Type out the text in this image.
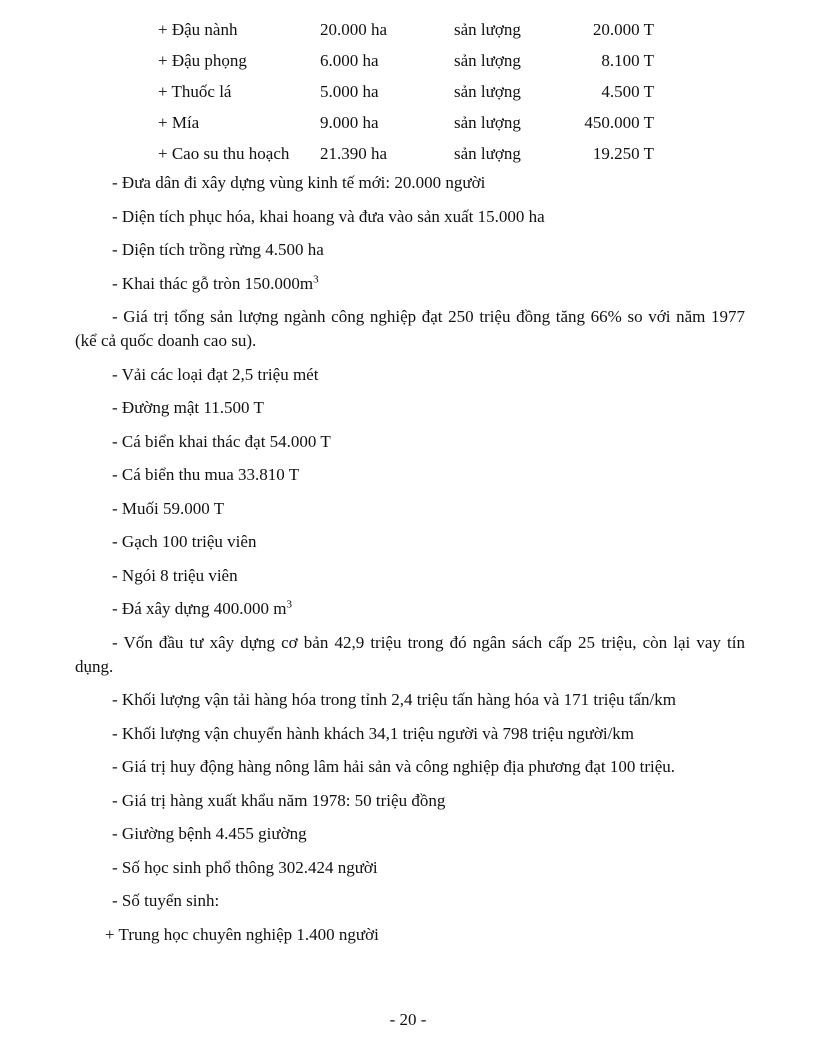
+ Đậu nành	20.000 ha	sản lượng	20.000 T
+ Đậu phọng	6.000 ha	sản lượng	8.100 T
+ Thuốc lá	5.000 ha	sản lượng	4.500 T
+ Mía	9.000 ha	sản lượng	450.000 T
+ Cao su thu hoạch 21.390 ha	sản lượng	19.250 T
- Đưa dân đi xây dựng vùng kinh tế mới: 20.000 người
- Diện tích phục hóa, khai hoang và đưa vào sản xuất 15.000 ha
- Diện tích trồng rừng 4.500 ha
- Khai thác gỗ tròn $150.000m^3$
- Giá trị tổng sản lượng ngành công nghiệp đạt 250 triệu đồng tăng 66% so với năm 1977 (kể cả quốc doanh cao su).
- Vải các loại đạt 2,5 triệu mét
- Đường mật 11.500 T
- Cá biển khai thác đạt 54.000 T
- Cá biển thu mua 33.810 T
- Muối 59.000 T
- Gạch 100 triệu viên
- Ngói 8 triệu viên
- Đá xây dựng 400.000 $m^3$
- Vốn đầu tư xây dựng cơ bản 42,9 triệu trong đó ngân sách cấp 25 triệu, còn lại vay tín dụng.
- Khối lượng vận tải hàng hóa trong tỉnh 2,4 triệu tấn hàng hóa và 171 triệu tấn/km
- Khối lượng vận chuyển hành khách 34,1 triệu người và 798 triệu người/km
- Giá trị huy động hàng nông lâm hải sản và công nghiệp địa phương đạt 100 triệu.
- Giá trị hàng xuất khẩu năm 1978: 50 triệu đồng
- Giường bệnh 4.455 giường
- Số học sinh phổ thông 302.424 người
- Số tuyển sinh:
+ Trung học chuyên nghiệp 1.400 người
- 20 -
